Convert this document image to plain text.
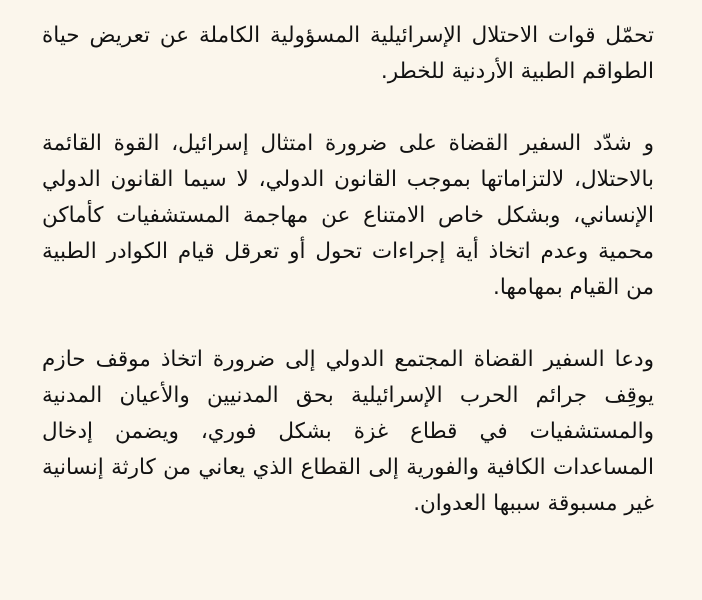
تحمّل قوات الاحتلال الإسرائيلية المسؤولية الكاملة عن تعريض حياة الطواقم الطبية الأردنية للخطر.

و شدّد السفير القضاة على ضرورة امتثال إسرائيل، القوة القائمة بالاحتلال، لالتزاماتها بموجب القانون الدولي، لا سيما القانون الدولي الإنساني، وبشكل خاص الامتناع عن مهاجمة المستشفيات كأماكن محمية وعدم اتخاذ أية إجراءات تحول أو تعرقل قيام الكوادر الطبية من القيام بمهامها.

ودعا السفير القضاة المجتمع الدولي إلى ضرورة اتخاذ موقف حازم يوقِف جرائم الحرب الإسرائيلية بحق المدنيين والأعيان المدنية والمستشفيات في قطاع غزة بشكل فوري، ويضمن إدخال المساعدات الكافية والفورية إلى القطاع الذي يعاني من كارثة إنسانية غير مسبوقة سببها العدوان.
